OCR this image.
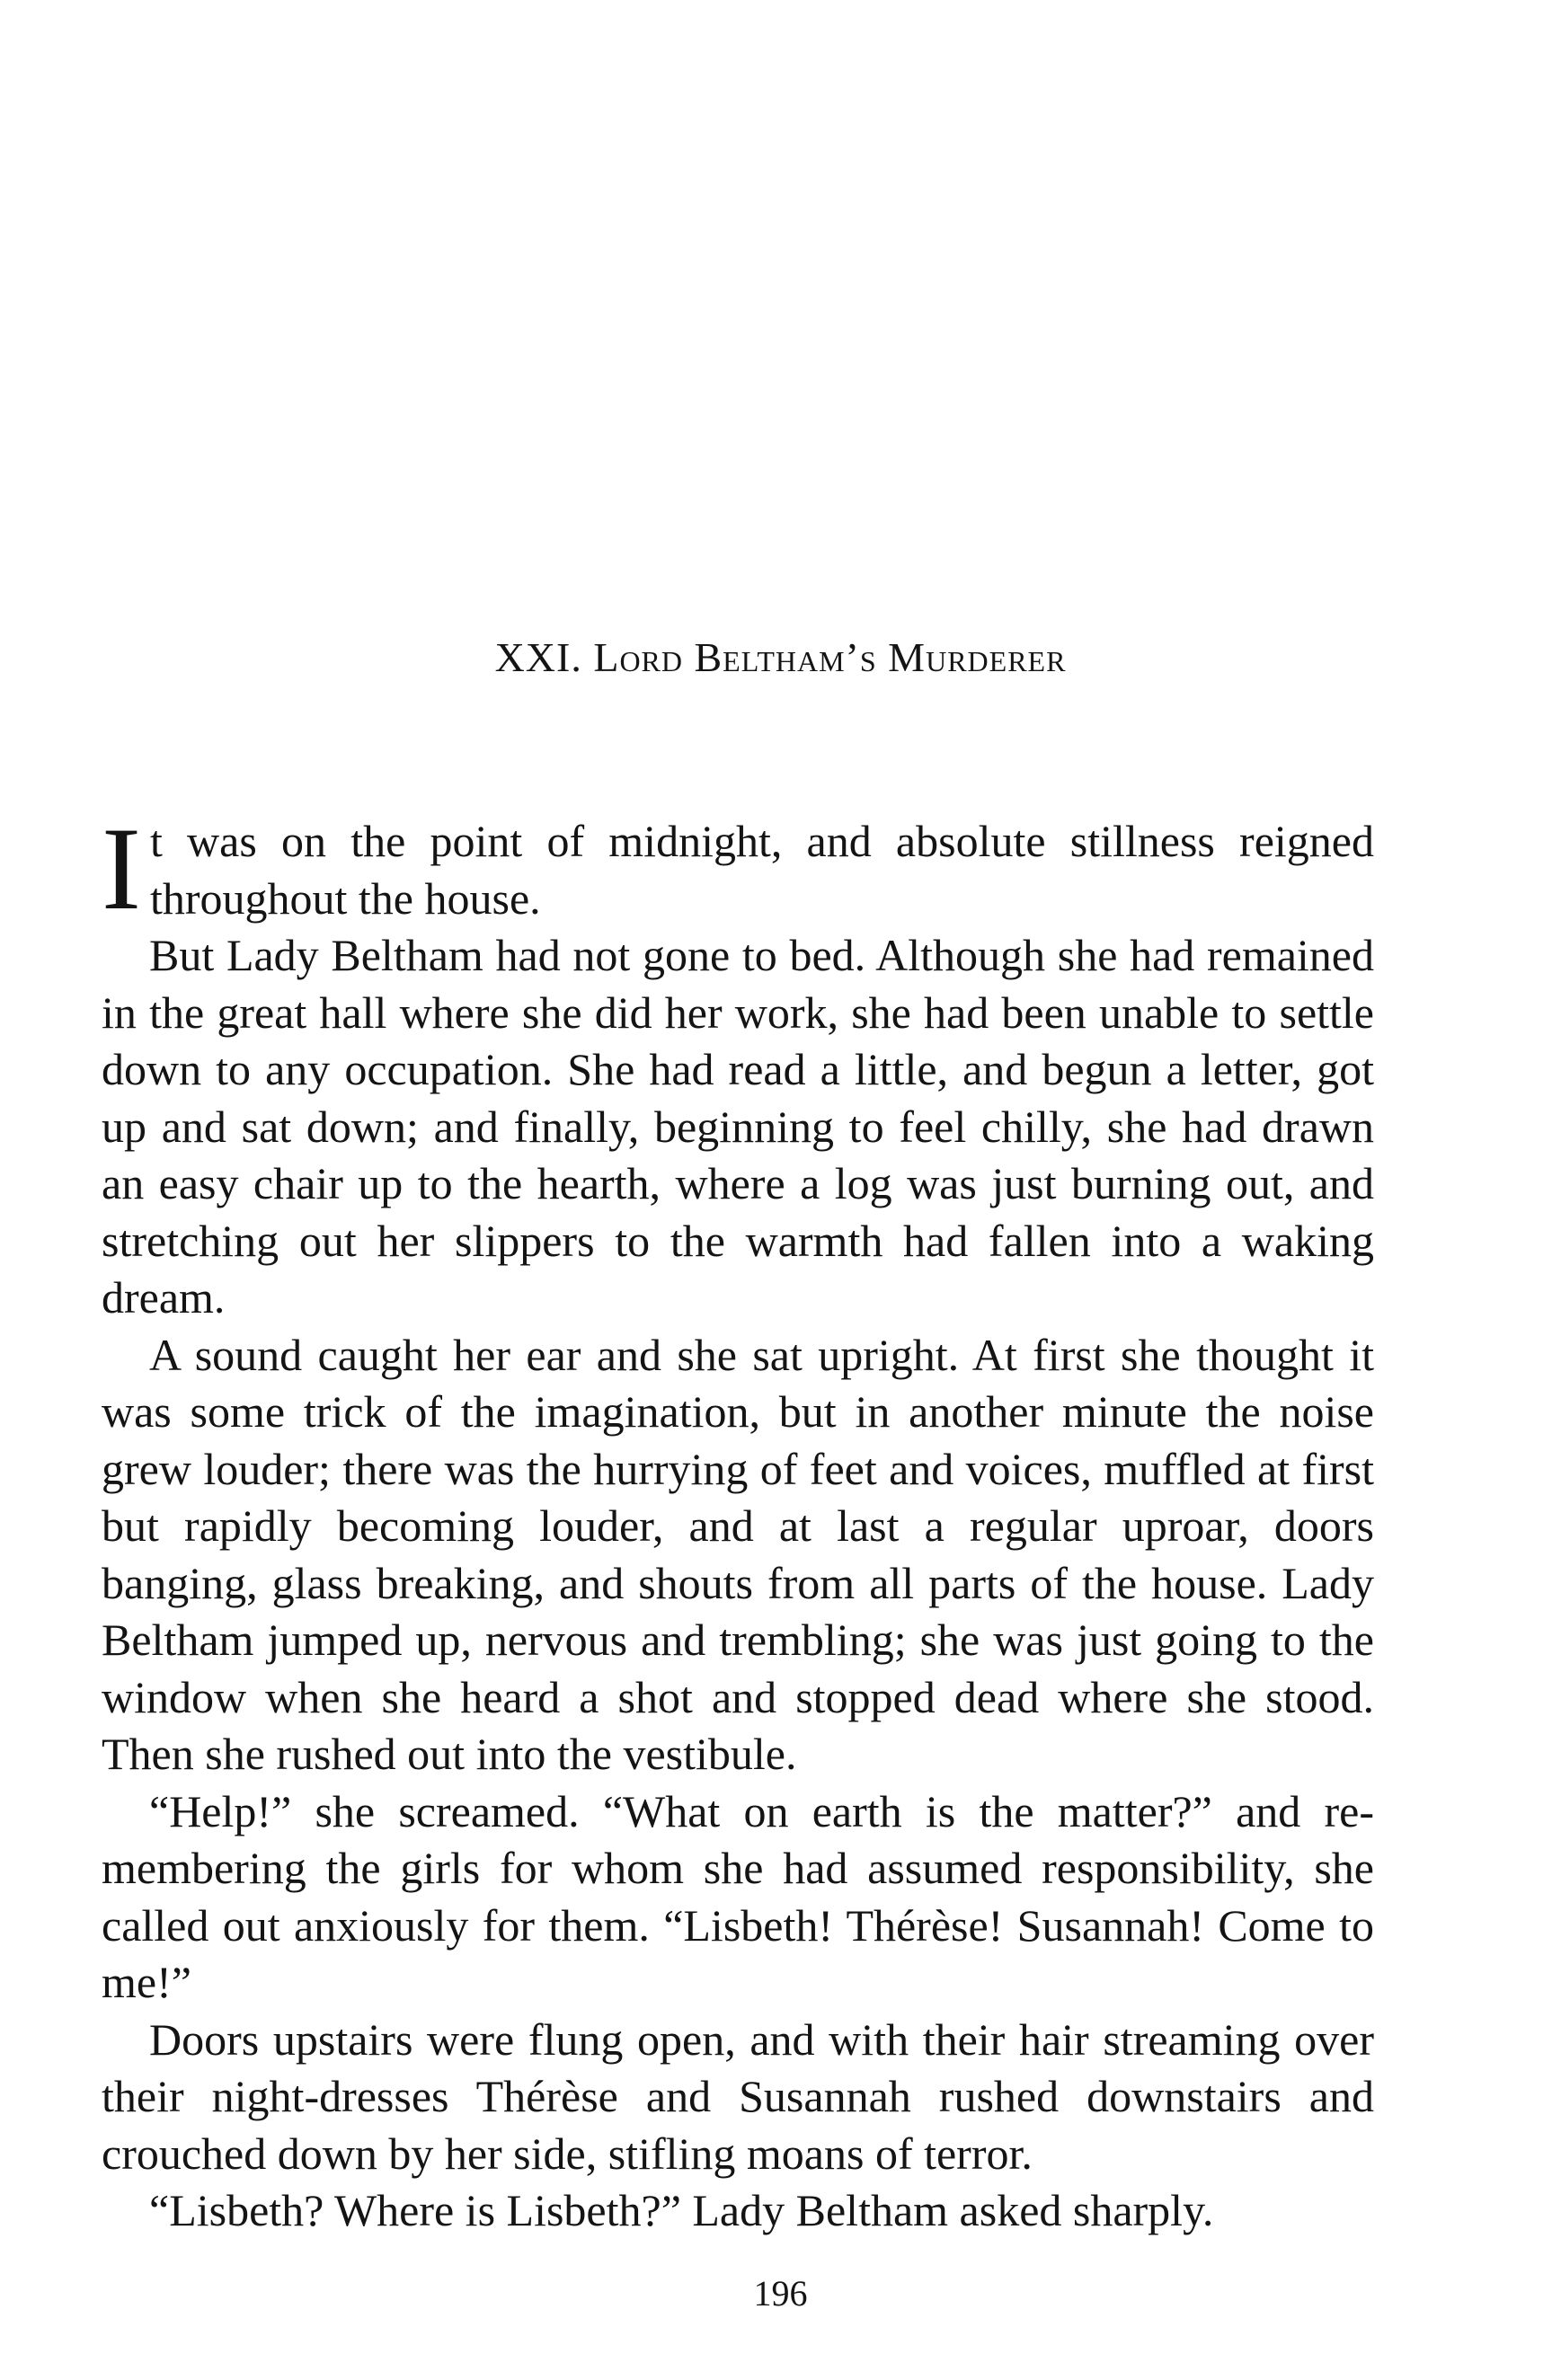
XXI. Lord Beltham’s Murderer

It was on the point of midnight, and absolute stillness reigned throughout the house.

But Lady Beltham had not gone to bed. Although she had remained in the great hall where she did her work, she had been unable to settle down to any occupation. She had read a little, and begun a letter, got up and sat down; and finally, beginning to feel chilly, she had drawn an easy chair up to the hearth, where a log was just burning out, and stretching out her slippers to the warmth had fallen into a waking dream.

A sound caught her ear and she sat upright. At first she thought it was some trick of the imagination, but in another minute the noise grew louder; there was the hurrying of feet and voices, muffled at first but rapidly becoming louder, and at last a regular uproar, doors banging, glass breaking, and shouts from all parts of the house. Lady Beltham jumped up, nervous and trembling; she was just going to the window when she heard a shot and stopped dead where she stood. Then she rushed out into the vestibule.

“Help!” she screamed. “What on earth is the matter?” and remembering the girls for whom she had assumed responsibility, she called out anxiously for them. “Lisbeth! Thérèse! Susannah! Come to me!”

Doors upstairs were flung open, and with their hair streaming over their night-dresses Thérèse and Susannah rushed downstairs and crouched down by her side, stifling moans of terror.

“Lisbeth? Where is Lisbeth?” Lady Beltham asked sharply.

196
